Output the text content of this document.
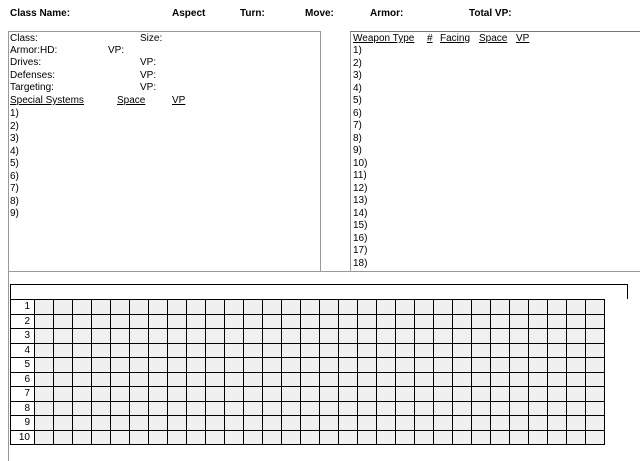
Class Name:	Aspect	Turn:	Move:	Armor:	Total VP:
Class:	Size:
Armor:HD:	VP:
Drives:	VP:
Defenses:	VP:
Targeting:	VP:
Special Systems	Space	VP
1)
2)
3)
4)
5)
6)
7)
8)
9)
Weapon Type # Facing Space VP
1)
2)
3)
4)
5)
6)
7)
8)
9)
10)
11)
12)
13)
14)
15)
16)
17)
18)
1																														
2																														
3																														
4																														
5																														
6																														
7																														
8																														
9																														
10																														
